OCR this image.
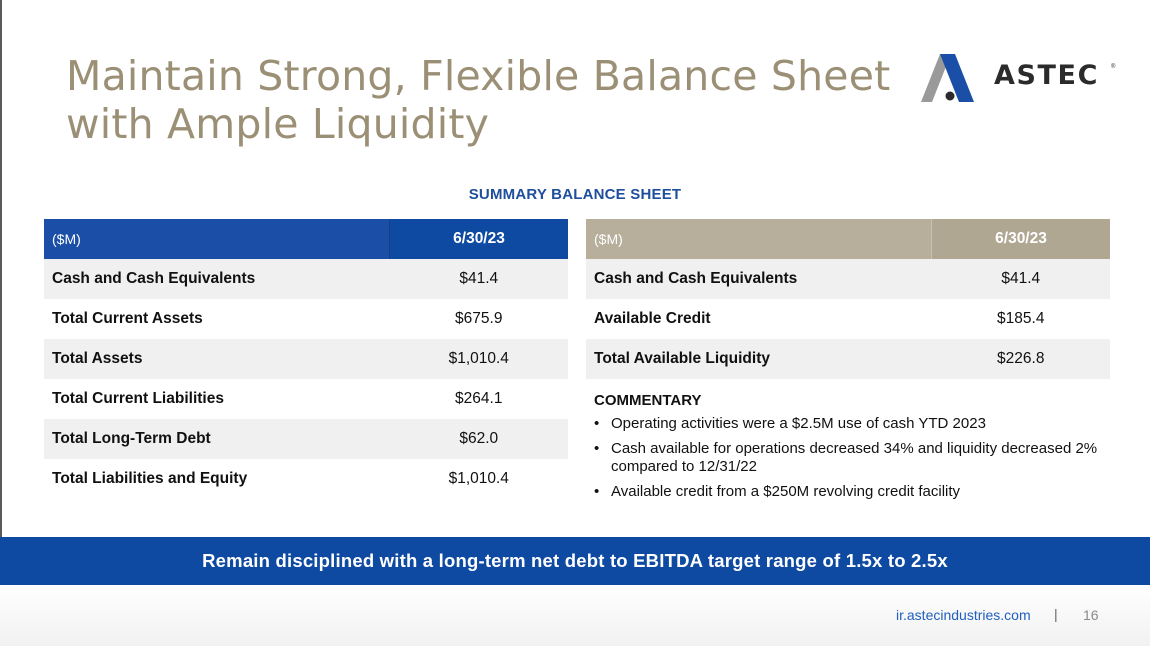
Maintain Strong, Flexible Balance Sheet
with Ample Liquidity
ASTEC ®
SUMMARY BALANCE SHEET
($M)	6/30/23
Cash and Cash Equivalents	$41.4
Total Current Assets	$675.9
Total Assets	$1,010.4
Total Current Liabilities	$264.1
Total Long-Term Debt	$62.0
Total Liabilities and Equity	$1,010.4
($M)	6/30/23
Cash and Cash Equivalents	$41.4
Available Credit	$185.4
Total Available Liquidity	$226.8
COMMENTARY
• Operating activities were a $2.5M use of cash YTD 2023
• Cash available for operations decreased 34% and liquidity decreased 2% compared to 12/31/22
• Available credit from a $250M revolving credit facility
Remain disciplined with a long-term net debt to EBITDA target range of 1.5x to 2.5x
ir.astecindustries.com | 16
